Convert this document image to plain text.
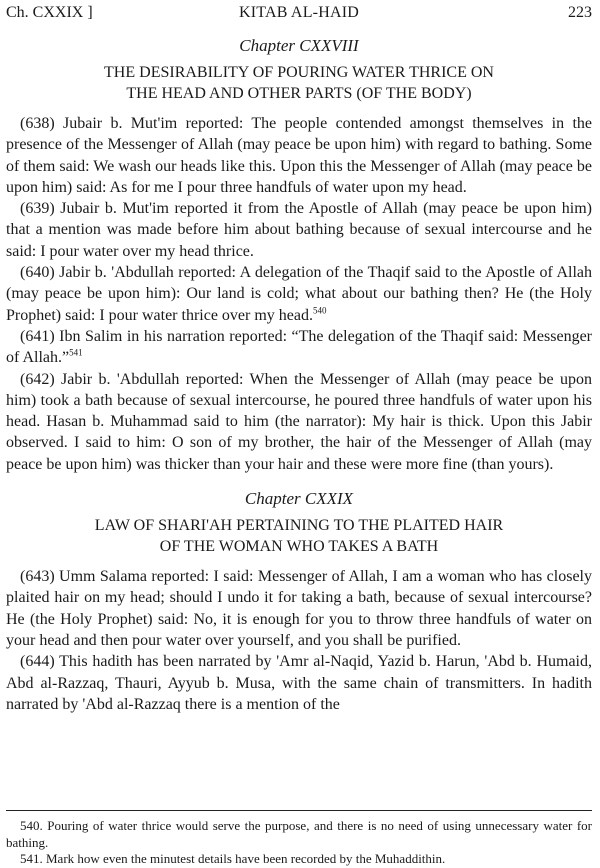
Ch. CXXIX ]	KITAB AL-HAID	223
Chapter CXXVIII
THE DESIRABILITY OF POURING WATER THRICE ON
THE HEAD AND OTHER PARTS (OF THE BODY)

(638) Jubair b. Mut'im reported: The people contended amongst themselves in the presence of the Messenger of Allah (may peace be upon him) with regard to bathing. Some of them said: We wash our heads like this. Upon this the Messenger of Allah (may peace be upon him) said: As for me I pour three handfuls of water upon my head.

(639) Jubair b. Mut'im reported it from the Apostle of Allah (may peace be upon him) that a mention was made before him about bathing because of sexual intercourse and he said: I pour water over my head thrice.

(640) Jabir b. 'Abdullah reported: A delegation of the Thaqif said to the Apostle of Allah (may peace be upon him): Our land is cold; what about our bathing then? He (the Holy Prophet) said: I pour water thrice over my head.$^{540}$

(641) Ibn Salim in his narration reported: “The delegation of the Thaqif said: Messenger of Allah.”$^{541}$

(642) Jabir b. 'Abdullah reported: When the Messenger of Allah (may peace be upon him) took a bath because of sexual intercourse, he poured three handfuls of water upon his head. Hasan b. Muhammad said to him (the narrator): My hair is thick. Upon this Jabir observed. I said to him: O son of my brother, the hair of the Messenger of Allah (may peace be upon him) was thicker than your hair and these were more fine (than yours).

Chapter CXXIX
LAW OF SHARI'AH PERTAINING TO THE PLAITED HAIR
OF THE WOMAN WHO TAKES A BATH

(643) Umm Salama reported: I said: Messenger of Allah, I am a woman who has closely plaited hair on my head; should I undo it for taking a bath, because of sexual intercourse? He (the Holy Prophet) said: No, it is enough for you to throw three handfuls of water on your head and then pour water over yourself, and you shall be purified.

(644) This hadith has been narrated by 'Amr al-Naqid, Yazid b. Harun, 'Abd b. Humaid, Abd al-Razzaq, Thauri, Ayyub b. Musa, with the same chain of transmitters. In hadith narrated by 'Abd al-Razzaq there is a mention of the

540. Pouring of water thrice would serve the purpose, and there is no need of using unnecessary water for bathing.

541. Mark how even the minutest details have been recorded by the Muhaddithin.
